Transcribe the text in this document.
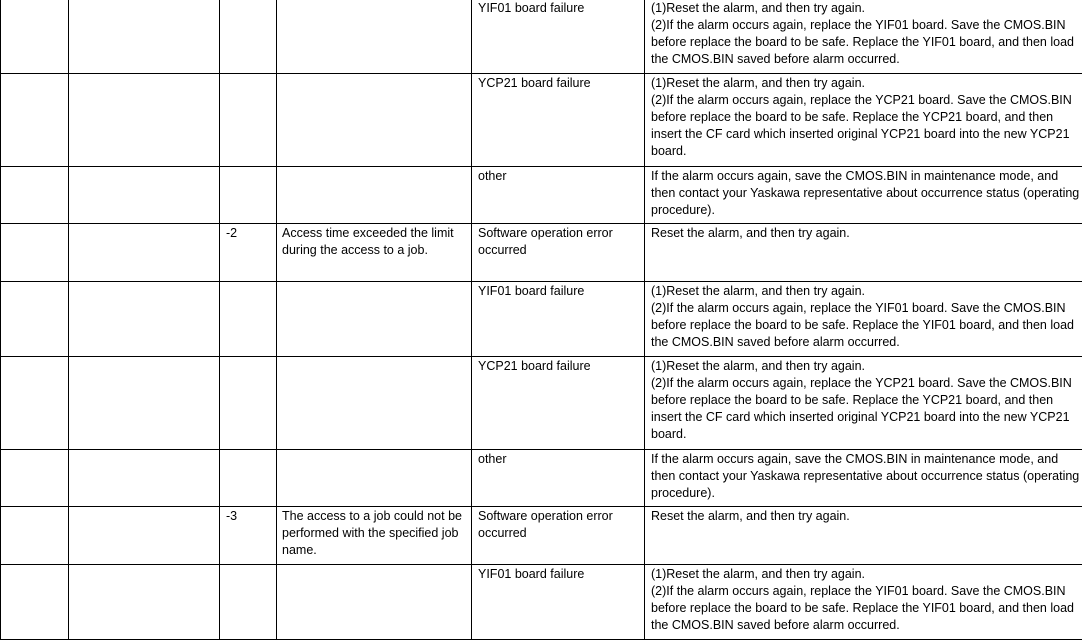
				YIF01 board failure	(1)Reset the alarm, and then try again.
(2)If the alarm occurs again, replace the YIF01 board. Save the CMOS.BIN before replace the board to be safe. Replace the YIF01 board, and then load the CMOS.BIN saved before alarm occurred.
				YCP21 board failure	(1)Reset the alarm, and then try again.
(2)If the alarm occurs again, replace the YCP21 board. Save the CMOS.BIN before replace the board to be safe. Replace the YCP21 board, and then insert the CF card which inserted original YCP21 board into the new YCP21 board.
				other	If the alarm occurs again, save the CMOS.BIN in maintenance mode, and then contact your Yaskawa representative about occurrence status (operating procedure).
		-2	Access time exceeded the limit during the access to a job.	Software operation error occurred	Reset the alarm, and then try again.
				YIF01 board failure	(1)Reset the alarm, and then try again.
(2)If the alarm occurs again, replace the YIF01 board. Save the CMOS.BIN before replace the board to be safe. Replace the YIF01 board, and then load the CMOS.BIN saved before alarm occurred.
				YCP21 board failure	(1)Reset the alarm, and then try again.
(2)If the alarm occurs again, replace the YCP21 board. Save the CMOS.BIN before replace the board to be safe. Replace the YCP21 board, and then insert the CF card which inserted original YCP21 board into the new YCP21 board.
				other	If the alarm occurs again, save the CMOS.BIN in maintenance mode, and then contact your Yaskawa representative about occurrence status (operating procedure).
		-3	The access to a job could not be performed with the specified job name.	Software operation error occurred	Reset the alarm, and then try again.
				YIF01 board failure	(1)Reset the alarm, and then try again.
(2)If the alarm occurs again, replace the YIF01 board. Save the CMOS.BIN before replace the board to be safe. Replace the YIF01 board, and then load the CMOS.BIN saved before alarm occurred.
